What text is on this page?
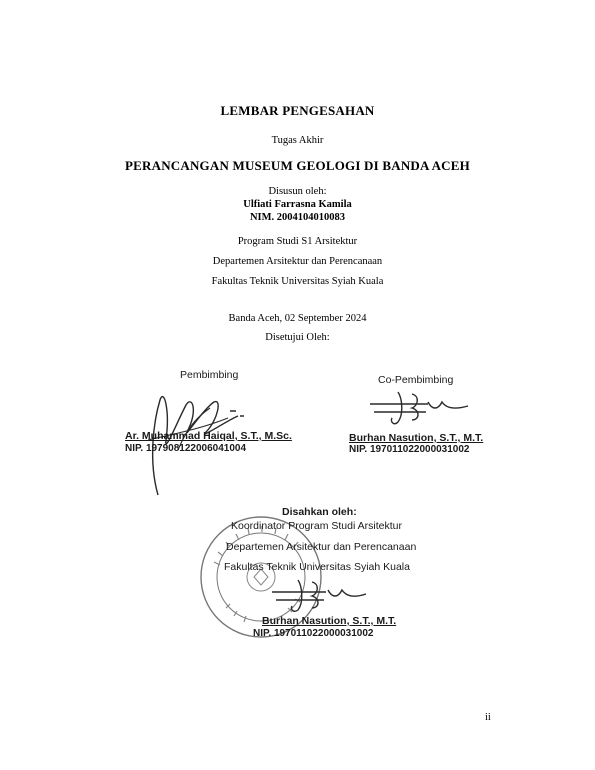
LEMBAR PENGESAHAN
Tugas Akhir
PERANCANGAN MUSEUM GEOLOGI DI BANDA ACEH
Disusun oleh:
Ulfiati Farrasna Kamila
NIM. 2004104010083
Program Studi S1 Arsitektur
Departemen Arsitektur dan Perencanaan
Fakultas Teknik Universitas Syiah Kuala
Banda Aceh, 02 September 2024
Disetujui Oleh:
Pembimbing
Ar. Muhammad Haiqal, S.T., M.Sc.
NIP. 197908122006041004
Co-Pembimbing
Burhan Nasution, S.T., M.T.
NIP. 197011022000031002
Disahkan oleh:
Koordinator Program Studi Arsitektur
Departemen Arsitektur dan Perencanaan
Fakultas Teknik Universitas Syiah Kuala
Burhan Nasution, S.T., M.T.
NIP. 197011022000031002
ii
